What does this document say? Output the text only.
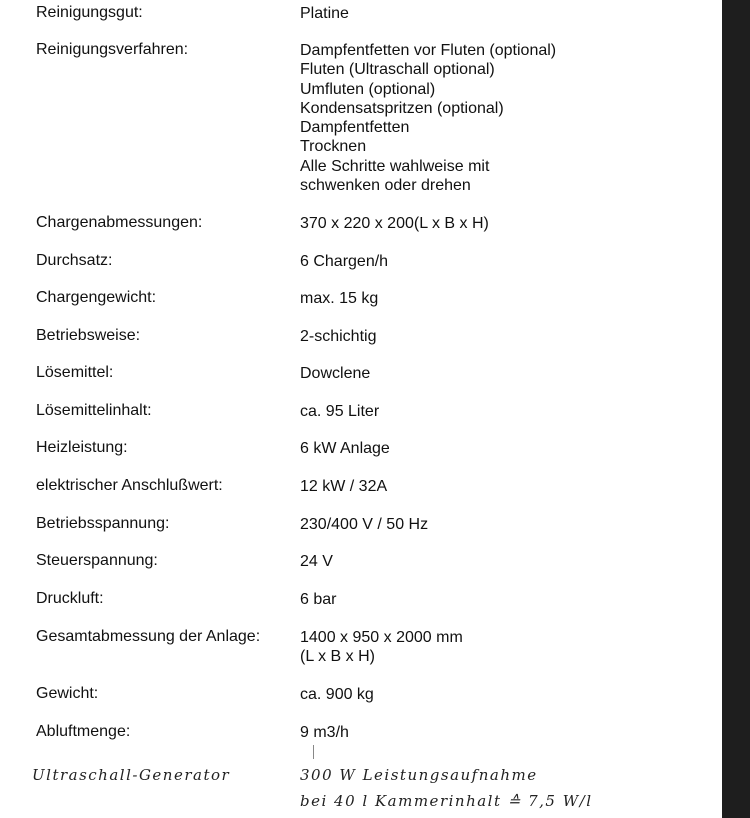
Reinigungsgut:	Platine
Reinigungsverfahren:	Dampfentfetten vor Fluten (optional)
Fluten (Ultraschall optional)
Umfluten (optional)
Kondensatspritzen (optional)
Dampfentfetten
Trocknen
Alle Schritte wahlweise mit
schwenken oder drehen
Chargenabmessungen:	370 x 220 x 200(L x B x H)
Durchsatz:	6 Chargen/h
Chargengewicht:	max. 15 kg
Betriebsweise:	2-schichtig
Lösemittel:	Dowclene
Lösemittelinhalt:	ca. 95 Liter
Heizleistung:	6 kW Anlage
elektrischer Anschlußwert:	12 kW / 32A
Betriebsspannung:	230/400 V / 50 Hz
Steuerspannung:	24 V
Druckluft:	6 bar
Gesamtabmessung der Anlage: 1400 x 950 x 2000 mm
(L x B x H)
Gewicht:	ca. 900 kg
Abluftmenge:	9 m3/h
Ultraschall-Generator	300 W Leistungsaufnahme
bei 40 l Kammerinhalt ≙ 7,5 W/l
